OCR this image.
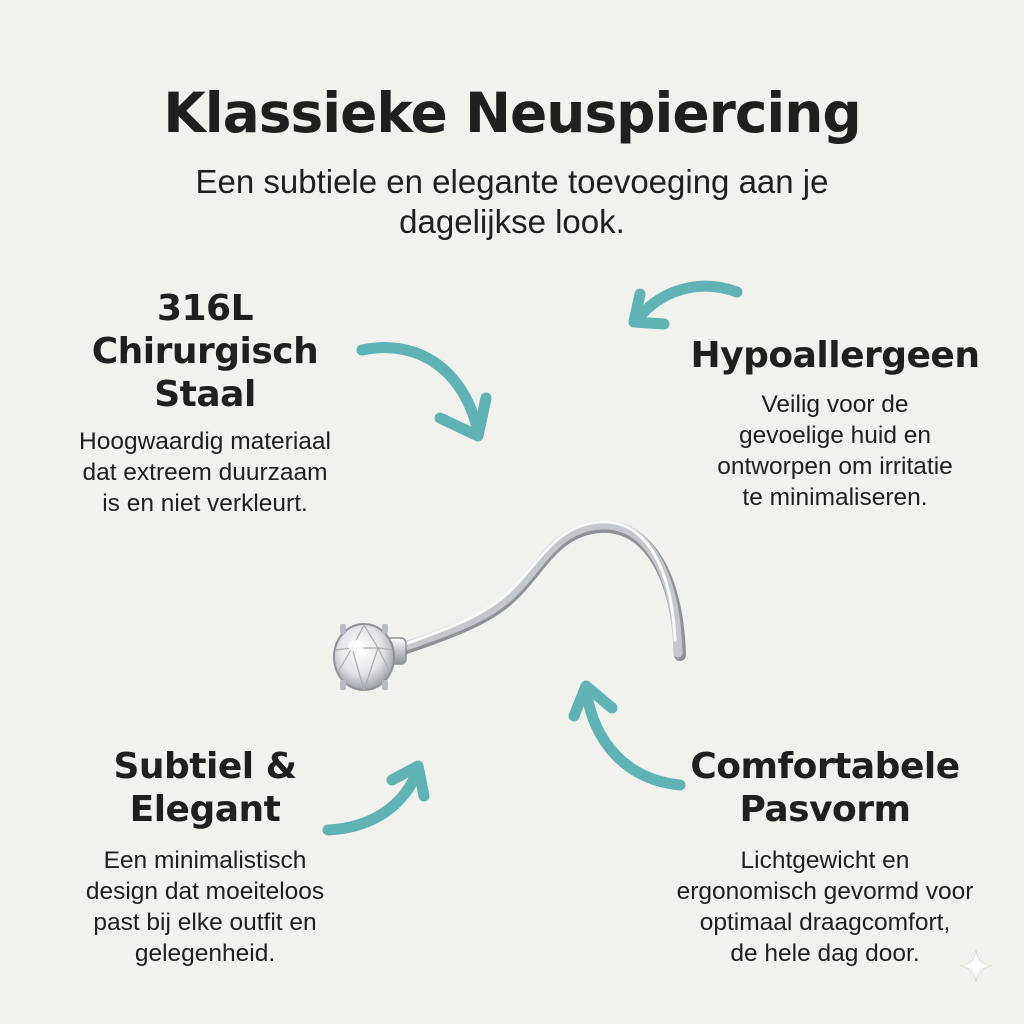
Klassieke Neuspiercing

Een subtiele en elegante toevoeging aan je
dagelijkse look.

316L
Chirurgisch
Staal

Hoogwaardig materiaal
dat extreem duurzaam
is en niet verkleurt.

Hypoallergeen

Veilig voor de
gevoelige huid en
ontworpen om irritatie
te minimaliseren.

Subtiel &
Elegant

Een minimalistisch
design dat moeiteloos
past bij elke outfit en
gelegenheid.

Comfortabele
Pasvorm

Lichtgewicht en
ergonomisch gevormd voor
optimaal draagcomfort,
de hele dag door.
